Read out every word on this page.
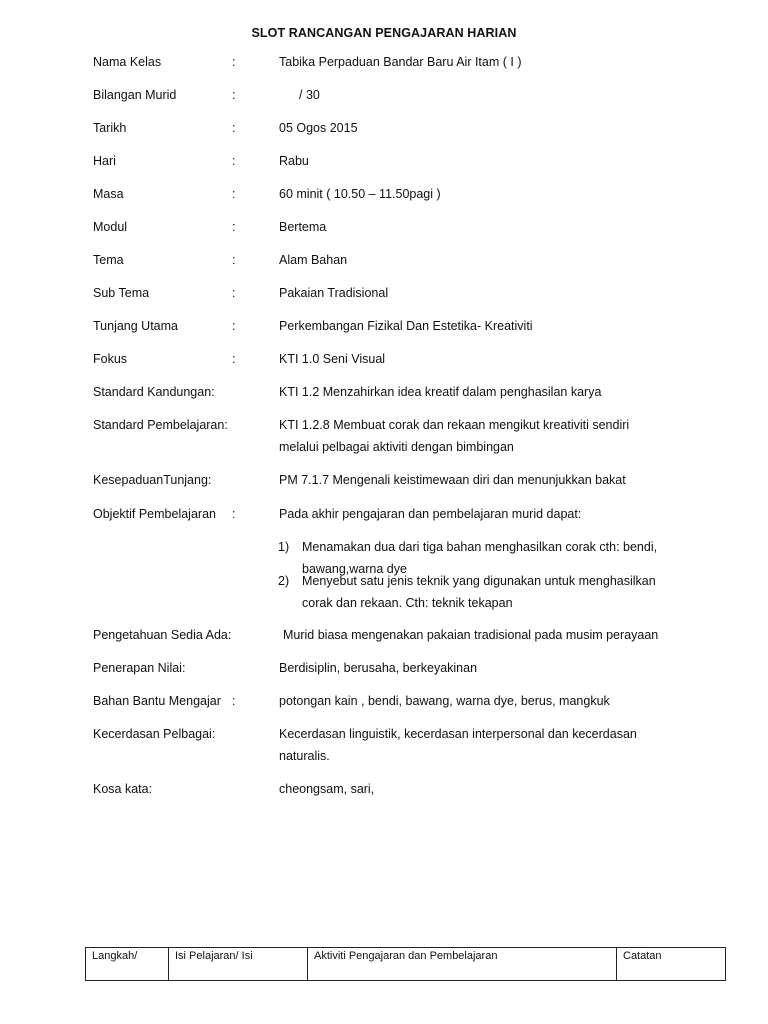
SLOT RANCANGAN PENGAJARAN HARIAN
Nama Kelas	:	Tabika Perpaduan Bandar Baru Air Itam ( I )
Bilangan Murid	:	/ 30
Tarikh	:	05 Ogos 2015
Hari	:	Rabu
Masa	:	60 minit ( 10.50 – 11.50pagi )
Modul	:	Bertema
Tema	:	Alam Bahan
Sub Tema	:	Pakaian Tradisional
Tunjang Utama	:	Perkembangan Fizikal Dan Estetika- Kreativiti
Fokus	:	KTI 1.0 Seni Visual
Standard Kandungan:	KTI 1.2 Menzahirkan idea kreatif dalam penghasilan karya
Standard Pembelajaran:	KTI 1.2.8 Membuat corak dan rekaan mengikut kreativiti sendiri
melalui pelbagai aktiviti dengan bimbingan
KesepaduanTunjang:	PM 7.1.7 Mengenali keistimewaan diri dan menunjukkan bakat
Objektif Pembelajaran :	Pada akhir pengajaran dan pembelajaran murid dapat:
1) Menamakan dua dari tiga bahan menghasilkan corak cth: bendi,
bawang,warna dye
2) Menyebut satu jenis teknik yang digunakan untuk menghasilkan
corak dan rekaan. Cth: teknik tekapan
Pengetahuan Sedia Ada:	Murid biasa mengenakan pakaian tradisional pada musim perayaan
Penerapan Nilai:	Berdisiplin, berusaha, berkeyakinan
Bahan Bantu Mengajar :	potongan kain , bendi, bawang, warna dye, berus, mangkuk
Kecerdasan Pelbagai:	Kecerdasan linguistik, kecerdasan interpersonal dan kecerdasan
naturalis.
Kosa kata:	cheongsam, sari,
Langkah/	Isi Pelajaran/ Isi	Aktiviti Pengajaran dan Pembelajaran	Catatan
